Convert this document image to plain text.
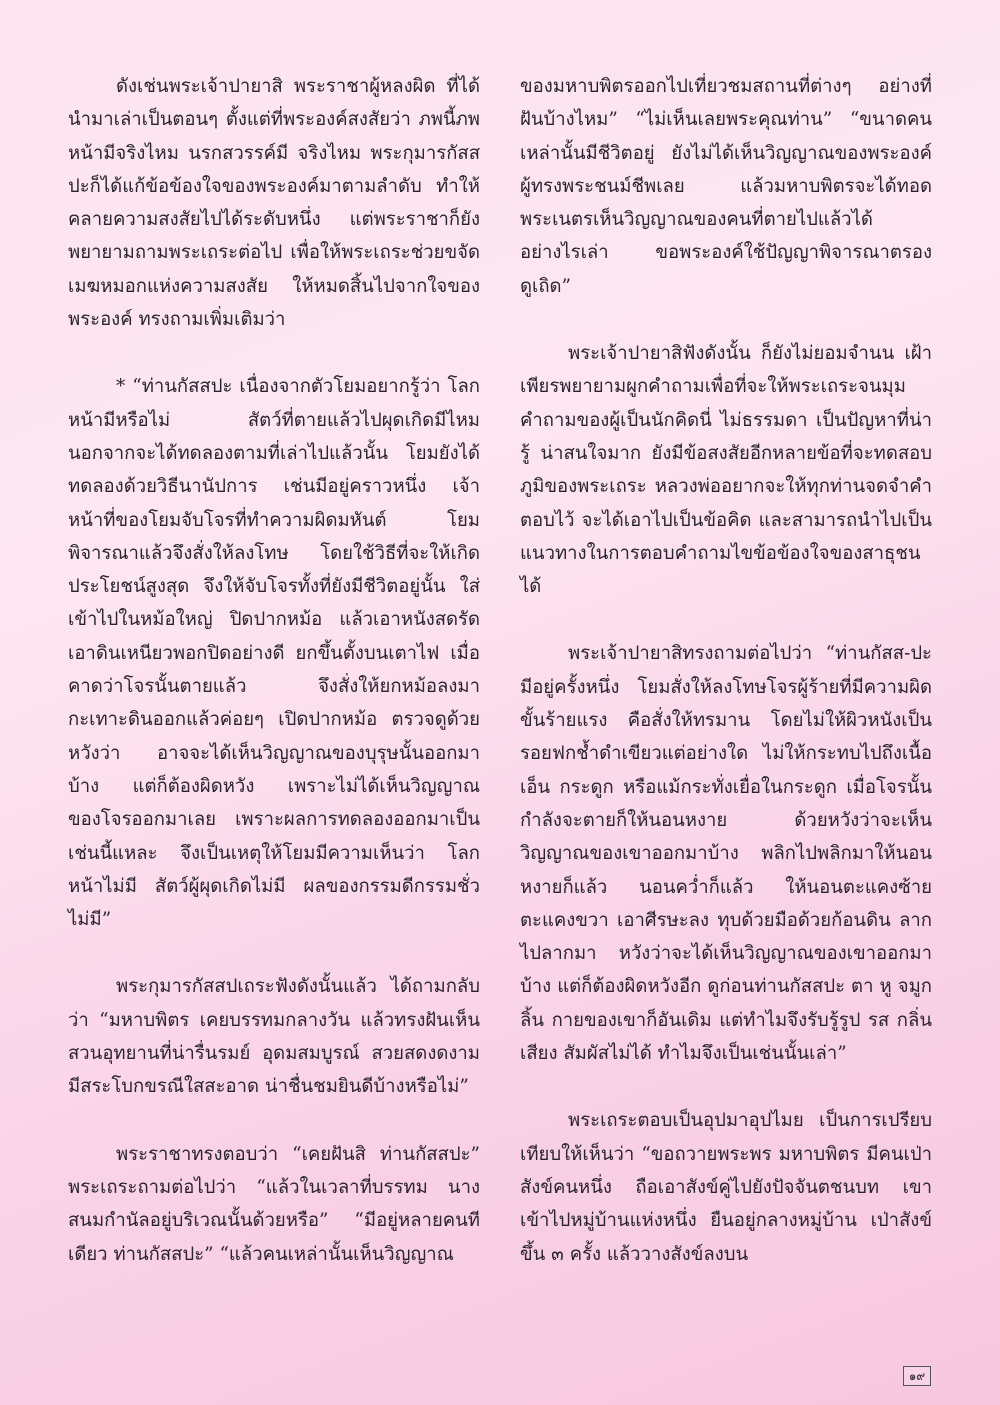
ดังเช่นพระเจ้าปายาสิ พระราชาผู้หลงผิด ที่ได้นำมาเล่าเป็นตอนๆ ตั้งแต่ที่พระองค์สงสัยว่า ภพนี้ภพหน้ามีจริงไหม นรกสวรรค์มี จริงไหม พระกุมารกัสสปะก็ได้แก้ข้อข้องใจของพระองค์มาตามลำดับ ทำให้คลายความสงสัยไปได้ระดับหนึ่ง แต่พระราชาก็ยังพยายามถามพระเถระต่อไป เพื่อให้พระเถระช่วยขจัดเมฆหมอกแห่งความสงสัย ให้หมดสิ้นไปจากใจของพระองค์ ทรงถามเพิ่มเติมว่า

* “ท่านกัสสปะ เนื่องจากตัวโยมอยากรู้ว่า โลกหน้ามีหรือไม่ สัตว์ที่ตายแล้วไปผุดเกิดมีไหม นอกจากจะได้ทดลองตามที่เล่าไปแล้วนั้น โยมยังได้ทดลองด้วยวิธีนานัปการ เช่นมีอยู่คราวหนึ่ง เจ้าหน้าที่ของโยมจับโจรที่ทำความผิดมหันต์ โยมพิจารณาแล้วจึงสั่งให้ลงโทษ โดยใช้วิธีที่จะให้เกิดประโยชน์สูงสุด จึงให้จับโจรทั้งที่ยังมีชีวิตอยู่นั้น ใส่เข้าไปในหม้อใหญ่ ปิดปากหม้อ แล้วเอาหนังสดรัด เอาดินเหนียวพอกปิดอย่างดี ยกขึ้นตั้งบนเตาไฟ เมื่อคาดว่าโจรนั้นตายแล้ว จึงสั่งให้ยกหม้อลงมา กะเทาะดินออกแล้วค่อยๆ เปิดปากหม้อ ตรวจดูด้วยหวังว่า อาจจะได้เห็นวิญญาณของบุรุษนั้นออกมาบ้าง แต่ก็ต้องผิดหวัง เพราะไม่ได้เห็นวิญญาณของโจรออกมาเลย เพราะผลการทดลองออกมาเป็นเช่นนี้แหละ จึงเป็นเหตุให้โยมมีความเห็นว่า โลกหน้าไม่มี สัตว์ผู้ผุดเกิดไม่มี ผลของกรรมดีกรรมชั่วไม่มี”

พระกุมารกัสสปเถระฟังดังนั้นแล้ว ได้ถามกลับว่า “มหาบพิตร เคยบรรทมกลางวัน แล้วทรงฝันเห็นสวนอุทยานที่น่ารื่นรมย์ อุดมสมบูรณ์ สวยสดงดงาม มีสระโบกขรณีใสสะอาด น่าชื่นชมยินดีบ้างหรือไม่”

พระราชาทรงตอบว่า “เคยฝันสิ ท่านกัสสปะ” พระเถระถามต่อไปว่า “แล้วในเวลาที่บรรทม นางสนมกำนัลอยู่บริเวณนั้นด้วยหรือ” “มีอยู่หลายคนทีเดียว ท่านกัสสปะ” “แล้วคนเหล่านั้นเห็นวิญญาณ

ของมหาบพิตรออกไปเที่ยวชมสถานที่ต่างๆ อย่างที่ฝันบ้างไหม” “ไม่เห็นเลยพระคุณท่าน” “ขนาดคนเหล่านั้นมีชีวิตอยู่ ยังไม่ได้เห็นวิญญาณของพระองค์ผู้ทรงพระชนม์ชีพเลย แล้วมหาบพิตรจะได้ทอดพระเนตรเห็นวิญญาณของคนที่ตายไปแล้วได้อย่างไรเล่า ขอพระองค์ใช้ปัญญาพิจารณาตรองดูเถิด”

พระเจ้าปายาสิฟังดังนั้น ก็ยังไม่ยอมจำนน เฝ้าเพียรพยายามผูกคำถามเพื่อที่จะให้พระเถระจนมุม คำถามของผู้เป็นนักคิดนี่ ไม่ธรรมดา เป็นปัญหาที่น่ารู้ น่าสนใจมาก ยังมีข้อสงสัยอีกหลายข้อที่จะทดสอบภูมิของพระเถระ หลวงพ่ออยากจะให้ทุกท่านจดจำคำตอบไว้ จะได้เอาไปเป็นข้อคิด และสามารถนำไปเป็นแนวทางในการตอบคำถามไขข้อข้องใจของสาธุชนได้

พระเจ้าปายาสิทรงถามต่อไปว่า “ท่านกัสส-ปะ มีอยู่ครั้งหนึ่ง โยมสั่งให้ลงโทษโจรผู้ร้ายที่มีความผิดขั้นร้ายแรง คือสั่งให้ทรมาน โดยไม่ให้ผิวหนังเป็นรอยฟกช้ำดำเขียวแต่อย่างใด ไม่ให้กระทบไปถึงเนื้อ เอ็น กระดูก หรือแม้กระทั่งเยื่อในกระดูก เมื่อโจรนั้นกำลังจะตายก็ให้นอนหงาย ด้วยหวังว่าจะเห็นวิญญาณของเขาออกมาบ้าง พลิกไปพลิกมาให้นอนหงายก็แล้ว นอนคว่ำก็แล้ว ให้นอนตะแคงซ้ายตะแคงขวา เอาศีรษะลง ทุบด้วยมือด้วยก้อนดิน ลากไปลากมา หวังว่าจะได้เห็นวิญญาณของเขาออกมาบ้าง แต่ก็ต้องผิดหวังอีก ดูก่อนท่านกัสสปะ ตา หู จมูก ลิ้น กายของเขาก็อันเดิม แต่ทำไมจึงรับรู้รูป รส กลิ่น เสียง สัมผัสไม่ได้ ทำไมจึงเป็นเช่นนั้นเล่า”

พระเถระตอบเป็นอุปมาอุปไมย เป็นการเปรียบเทียบให้เห็นว่า “ขอถวายพระพร มหาบพิตร มีคนเป่าสังข์คนหนึ่ง ถือเอาสังข์คู่ไปยังปัจจันตชนบท เขาเข้าไปหมู่บ้านแห่งหนึ่ง ยืนอยู่กลางหมู่บ้าน เป่าสังข์ขึ้น ๓ ครั้ง แล้ววางสังข์ลงบน

๑๙
